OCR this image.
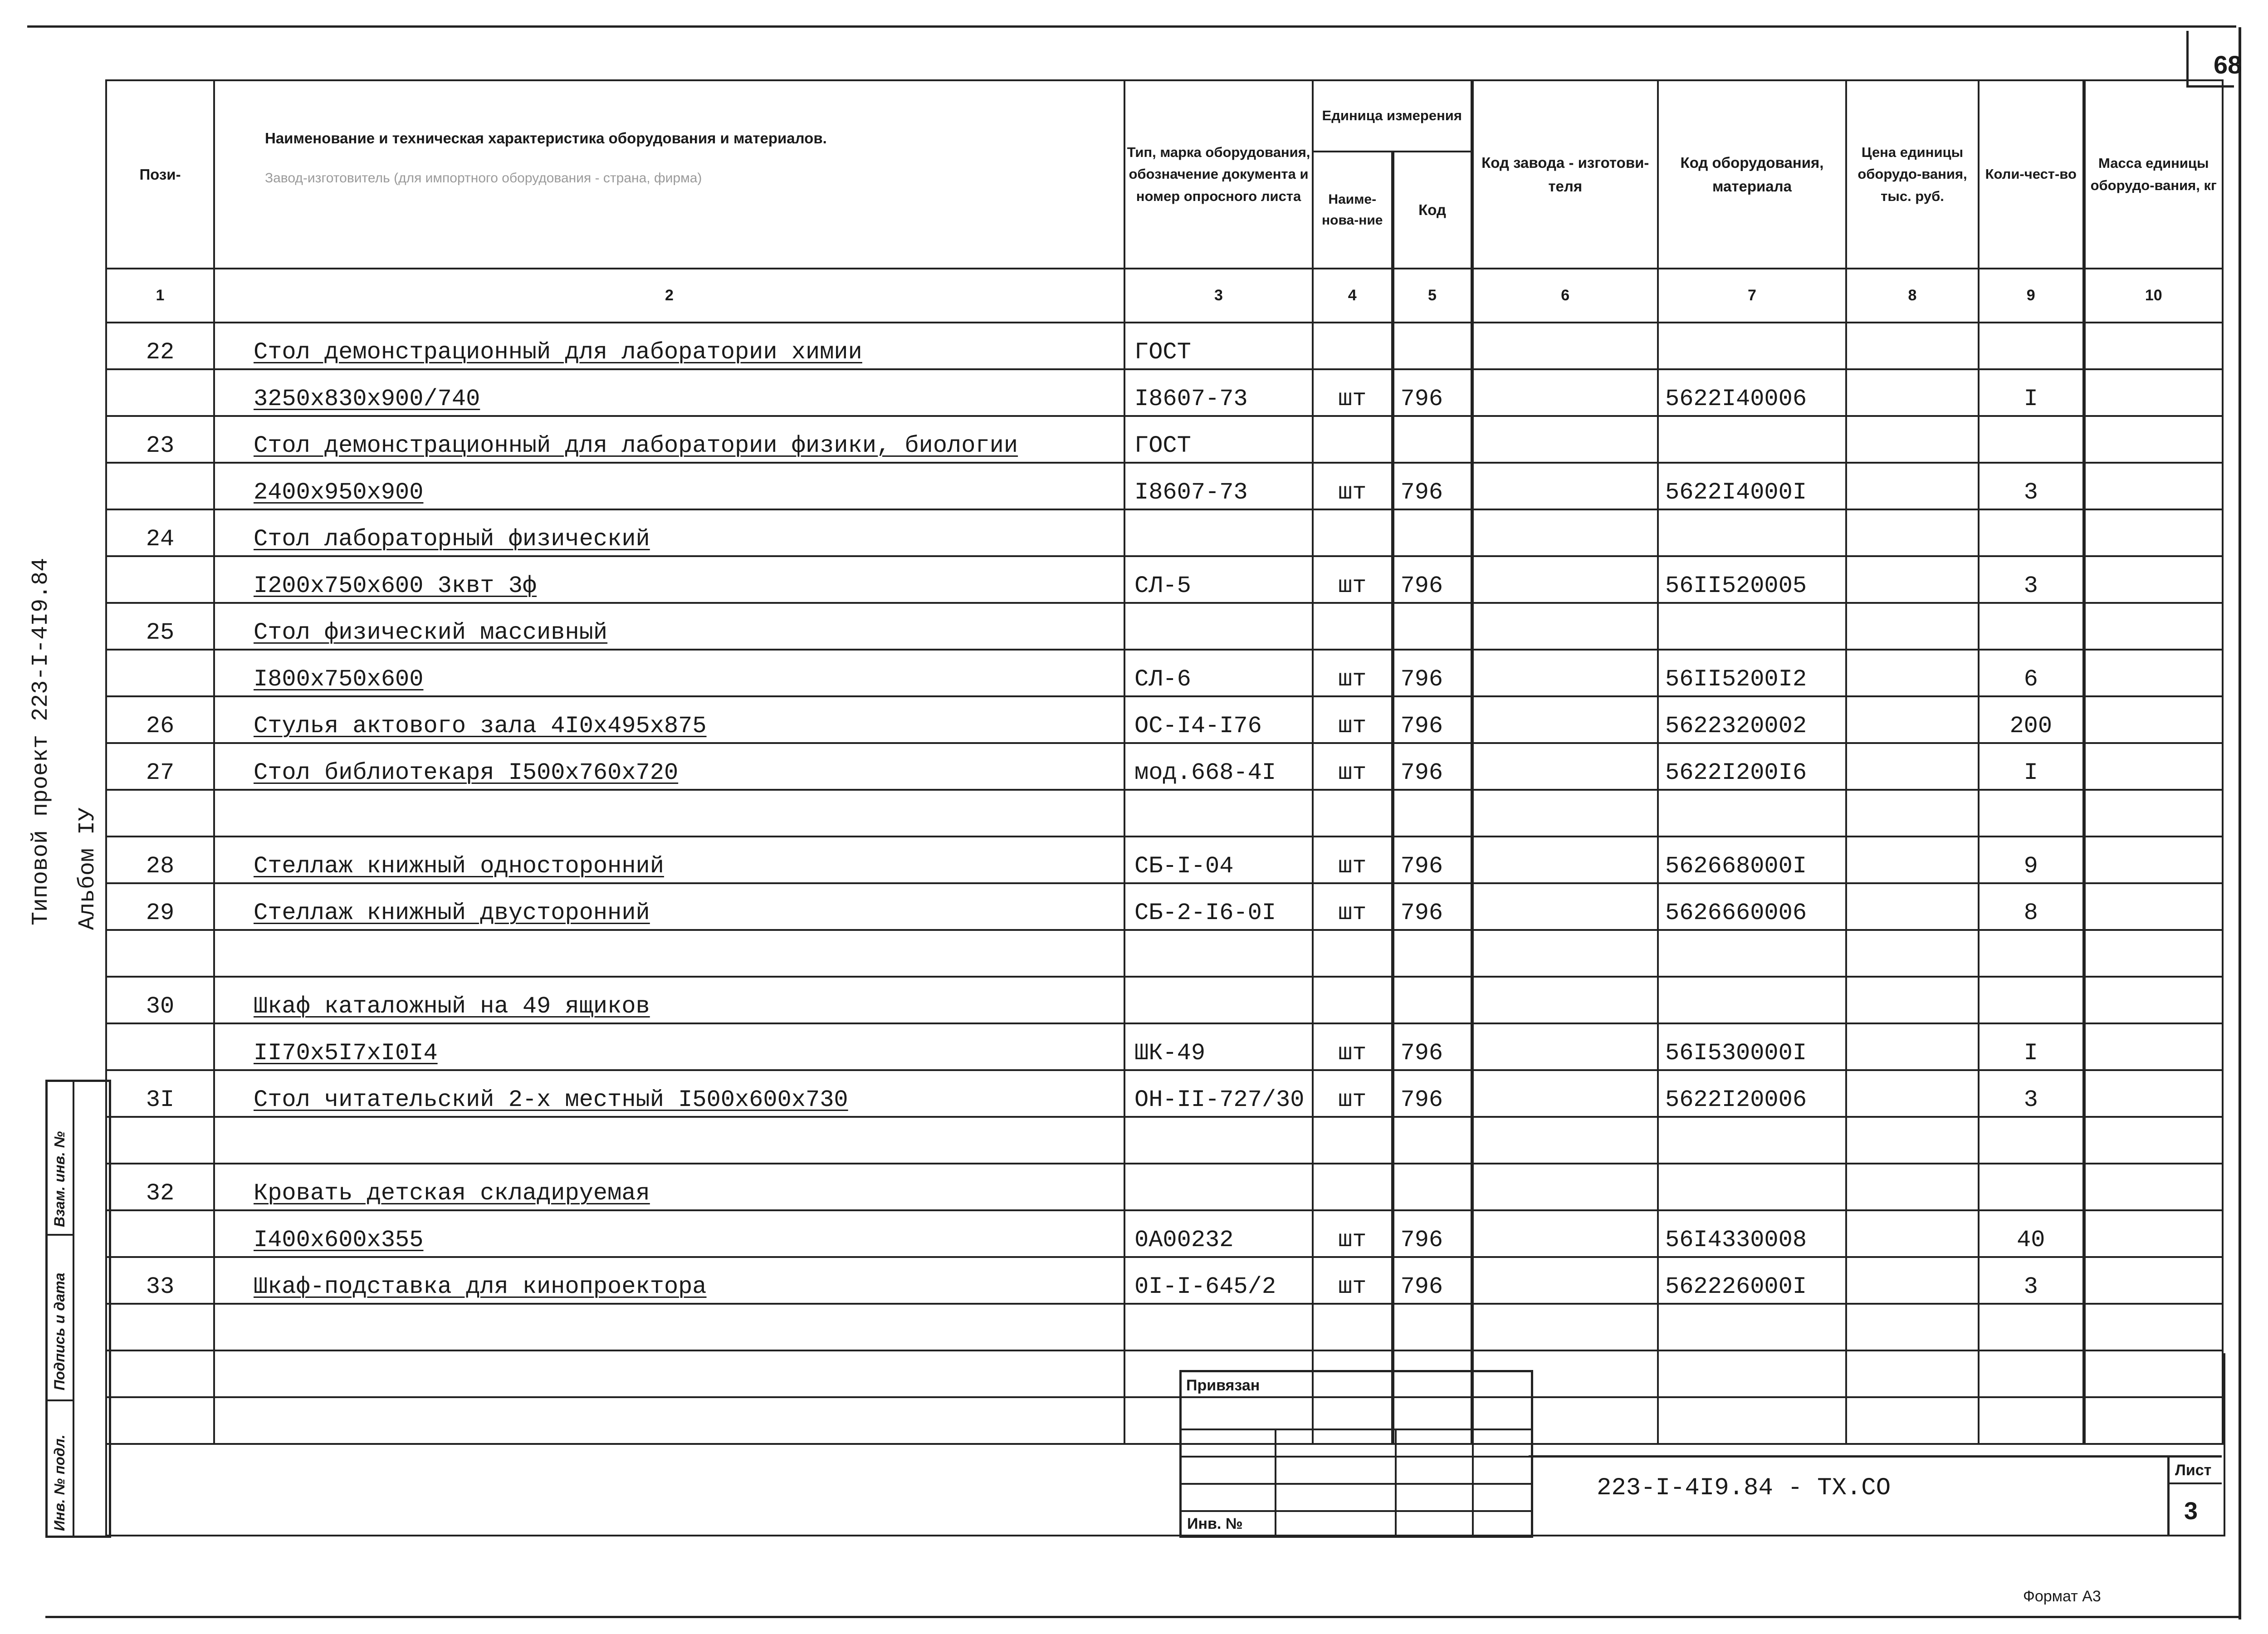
68
Пози-	Наименование и техническая характеристика оборудования и материалов.
Завод-изготовитель (для импортного оборудования - страна, фирма)	Тип, марка оборудования, обозначение документа и номер опросного листа	Единица измерения		Код завода - изготови-теля	Код оборудования, материала	Цена единицы оборудо-вания, тыс. руб.	Коли-чест-во	Масса единицы оборудо-вания, кг
			Наиме-нова-ние	Код					
1	2	3	4	5	6	7	8	9	10
22	Стол демонстрационный для лаборатории химии	ГОСТ							
	3250х830х900/740	I8607-73	шт	796		5622I40006		I	
23	Стол демонстрационный для лаборатории физики, биологии	ГОСТ							
	2400х950х900	I8607-73	шт	796		5622I4000I		3	
24	Стол лабораторный физический								
	I200х750х600 3квт 3ф	СЛ-5	шт	796		56II520005		3	
25	Стол физический массивный								
	I800х750х600	СЛ-6	шт	796		56II5200I2		6	
26	Стулья актового зала 4I0х495х875	ОС-I4-I76	шт	796		5622320002		200	
27	Стол библиотекаря I500х760х720	мод.668-4I	шт	796		5622I200I6		I	

28	Стеллаж книжный односторонний	СБ-I-04	шт	796		562668000I		9	
29	Стеллаж книжный двусторонний	СБ-2-I6-0I	шт	796		5626660006		8	

30	Шкаф каталожный на 49 ящиков								
	II70х5I7хI0I4	ШК-49	шт	796		56I530000I		I	
3I	Стол читательский 2-х местный I500х600х730	ОН-II-727/30	шт	796		5622I20006		3	

32	Кровать детская складируемая								
	I400х600х355	0А00232	шт	796		56I4330008		40	
33	Шкаф-подставка для кинопроектора	0I-I-645/2	шт	796		562226000I		3	

Типовой проект 223-I-4I9.84 Альбом IУ
Взам. инв. №
Подпись и дата
Инв. № подл.
Привязан
Инв. №
223-I-4I9.84 - ТХ.СО
Лист
3
Формат А3
